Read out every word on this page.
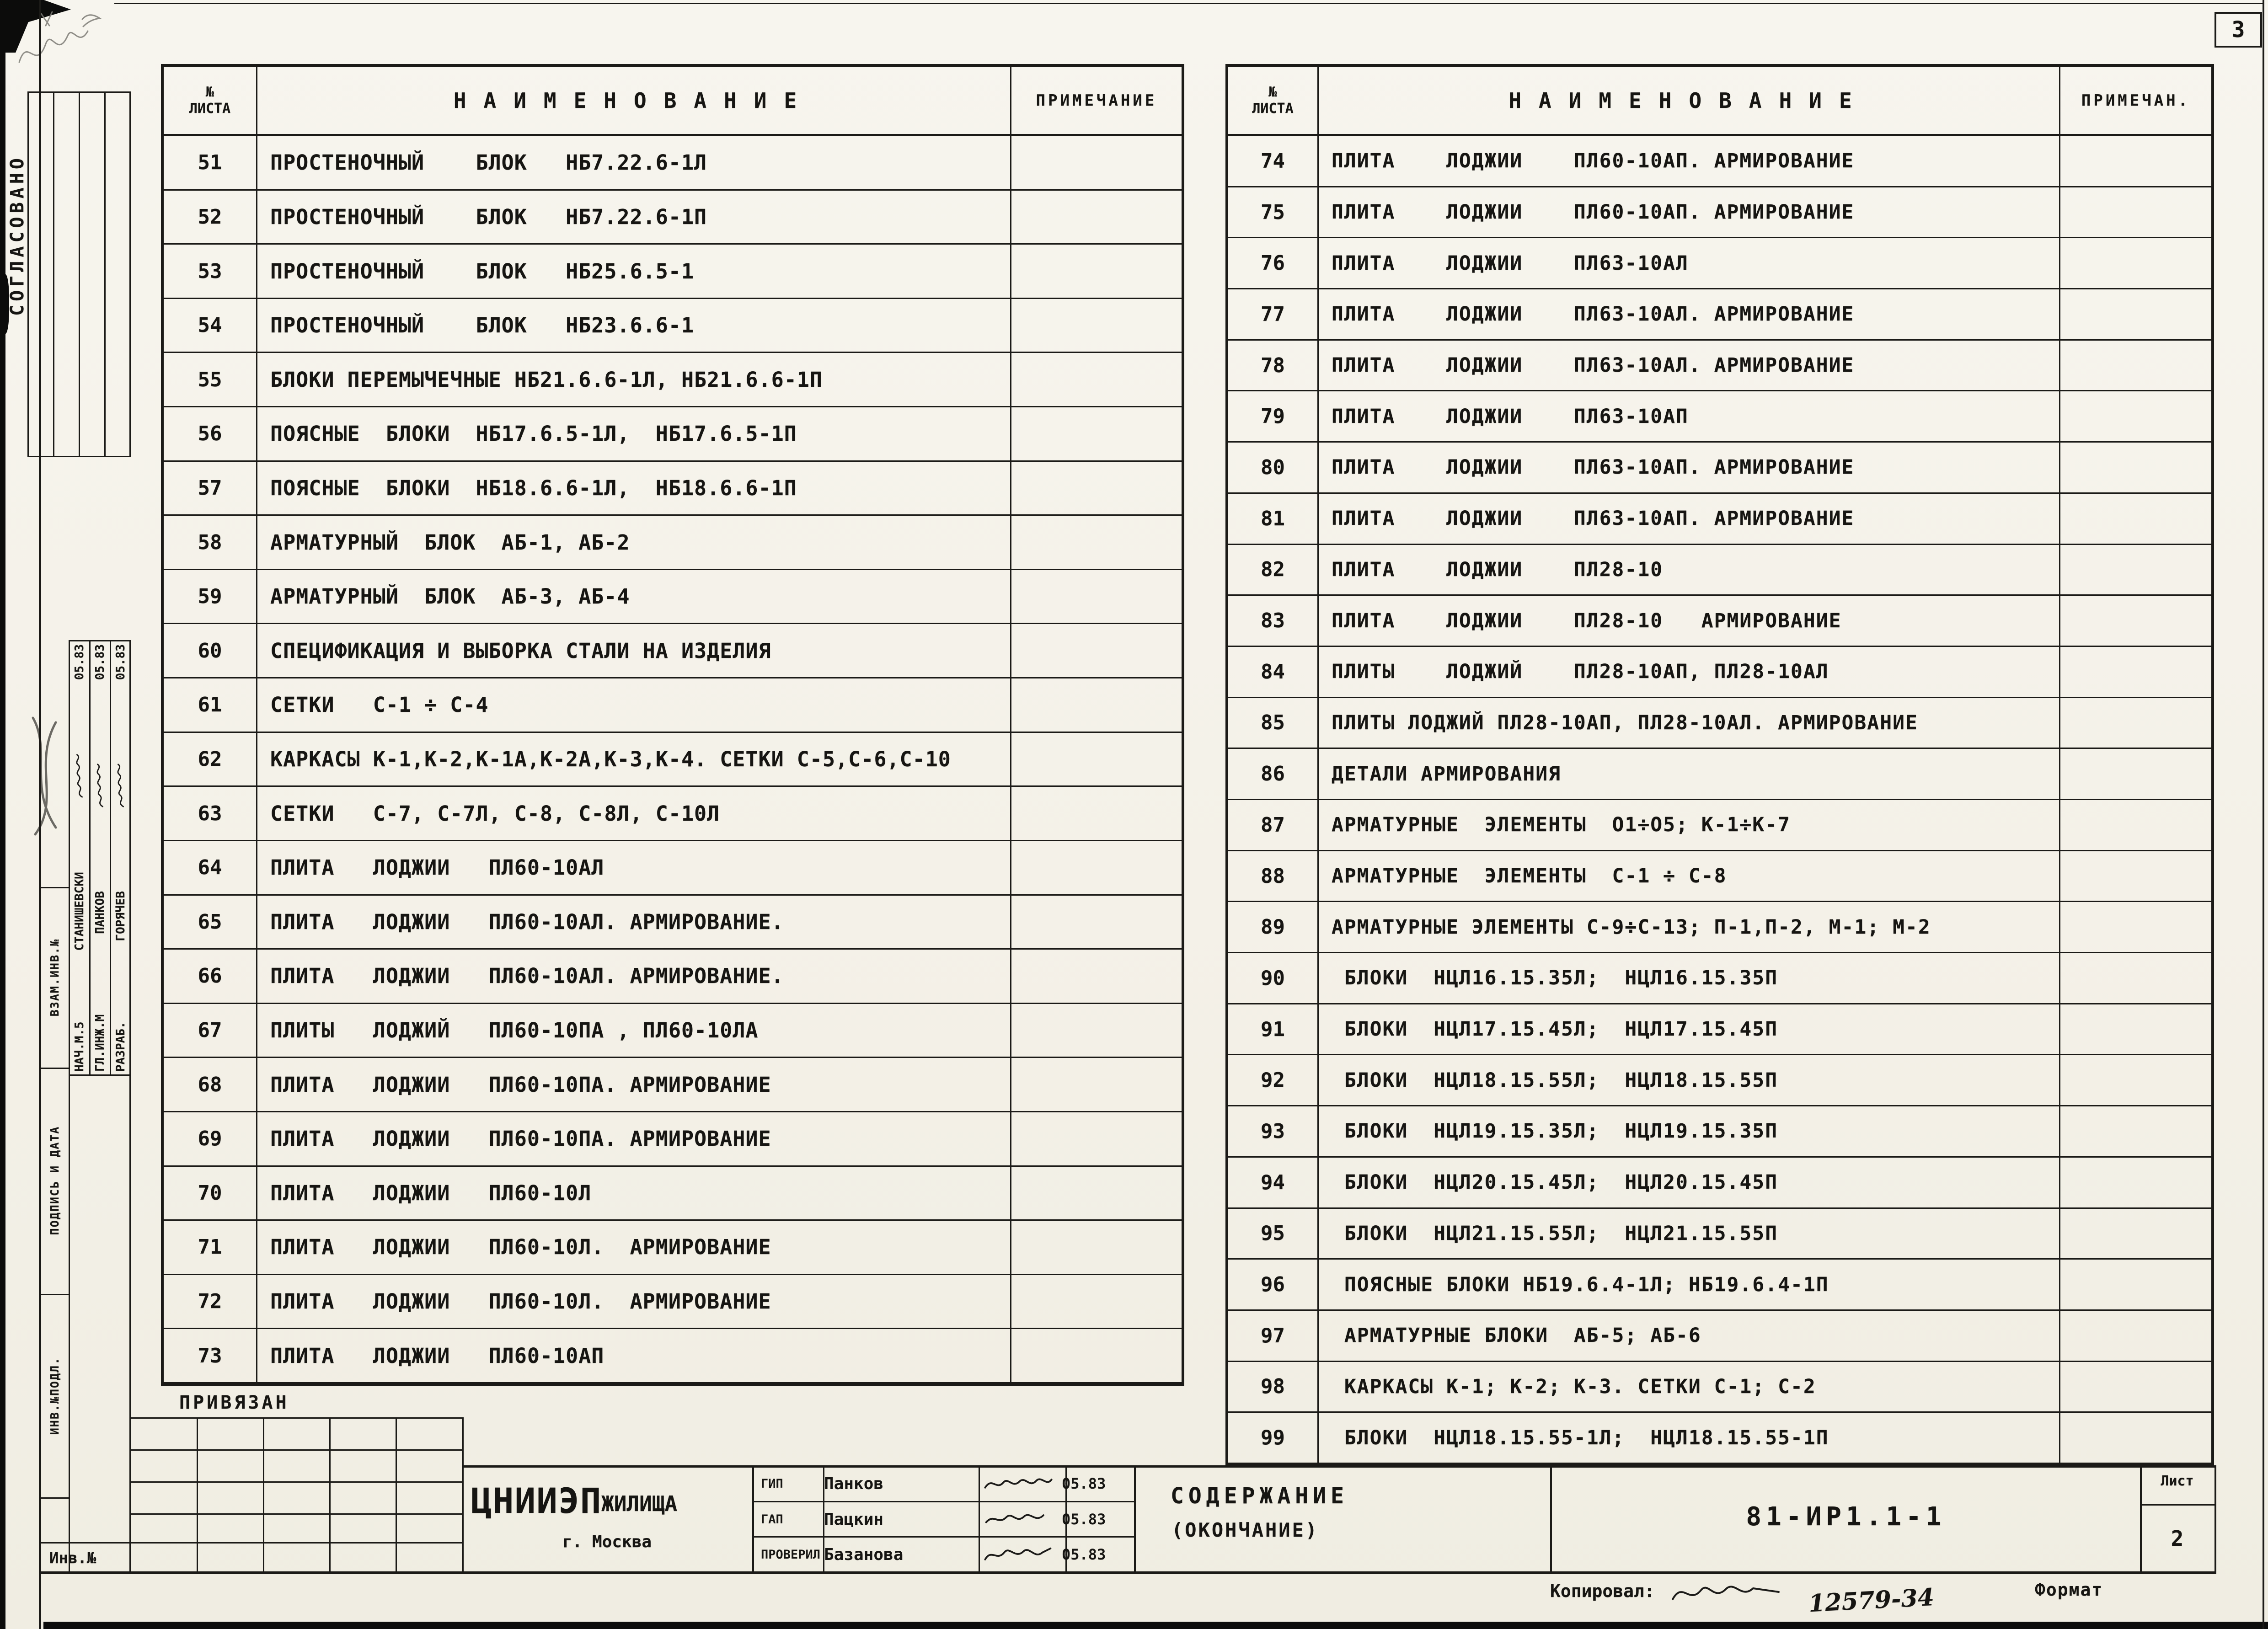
3
СОГЛАСОВАНО
НАЧ.М.5
СТАНИШЕВСКИ
05.83
ГЛ.ИНЖ.М
ПАНКОВ
05.83
РАЗРАБ.
ГОРЯЧЕВ
05.83
ВЗАМ.ИНВ.№
ПОДПИСЬ И ДАТА
ИНВ.№ПОДЛ.
Инв.№
№
ЛИСТА	НАИМЕНОВАНИЕ	ПРИМЕЧАНИЕ
51	ПРОСТЕНОЧНЫЙ    БЛОК   НБ7.22.6-1Л
52	ПРОСТЕНОЧНЫЙ    БЛОК   НБ7.22.6-1П
53	ПРОСТЕНОЧНЫЙ    БЛОК   НБ25.6.5-1
54	ПРОСТЕНОЧНЫЙ    БЛОК   НБ23.6.6-1
55	БЛОКИ ПЕРЕМЫЧЕЧНЫЕ НБ21.6.6-1Л, НБ21.6.6-1П
56	ПОЯСНЫЕ  БЛОКИ  НБ17.6.5-1Л,  НБ17.6.5-1П
57	ПОЯСНЫЕ  БЛОКИ  НБ18.6.6-1Л,  НБ18.6.6-1П
58	АРМАТУРНЫЙ  БЛОК  АБ-1, АБ-2
59	АРМАТУРНЫЙ  БЛОК  АБ-3, АБ-4
60	СПЕЦИФИКАЦИЯ И ВЫБОРКА СТАЛИ НА ИЗДЕЛИЯ
61	СЕТКИ   С-1 ÷ С-4
62	КАРКАСЫ К-1,К-2,К-1А,К-2А,К-3,К-4. СЕТКИ С-5,С-6,С-10
63	СЕТКИ   С-7, С-7Л, С-8, С-8Л, С-10Л
64	ПЛИТА   ЛОДЖИИ   ПЛ60-10АЛ
65	ПЛИТА   ЛОДЖИИ   ПЛ60-10АЛ. АРМИРОВАНИЕ.
66	ПЛИТА   ЛОДЖИИ   ПЛ60-10АЛ. АРМИРОВАНИЕ.
67	ПЛИТЫ   ЛОДЖИЙ   ПЛ60-10ПА , ПЛ60-10ЛА
68	ПЛИТА   ЛОДЖИИ   ПЛ60-10ПА. АРМИРОВАНИЕ
69	ПЛИТА   ЛОДЖИИ   ПЛ60-10ПА. АРМИРОВАНИЕ
70	ПЛИТА   ЛОДЖИИ   ПЛ60-10Л
71	ПЛИТА   ЛОДЖИИ   ПЛ60-10Л.  АРМИРОВАНИЕ
72	ПЛИТА   ЛОДЖИИ   ПЛ60-10Л.  АРМИРОВАНИЕ
73	ПЛИТА   ЛОДЖИИ   ПЛ60-10АП
№
ЛИСТА	НАИМЕНОВАНИЕ	ПРИМЕЧАН.
74	ПЛИТА    ЛОДЖИИ    ПЛ60-10АП. АРМИРОВАНИЕ
75	ПЛИТА    ЛОДЖИИ    ПЛ60-10АП. АРМИРОВАНИЕ
76	ПЛИТА    ЛОДЖИИ    ПЛ63-10АЛ
77	ПЛИТА    ЛОДЖИИ    ПЛ63-10АЛ. АРМИРОВАНИЕ
78	ПЛИТА    ЛОДЖИИ    ПЛ63-10АЛ. АРМИРОВАНИЕ
79	ПЛИТА    ЛОДЖИИ    ПЛ63-10АП
80	ПЛИТА    ЛОДЖИИ    ПЛ63-10АП. АРМИРОВАНИЕ
81	ПЛИТА    ЛОДЖИИ    ПЛ63-10АП. АРМИРОВАНИЕ
82	ПЛИТА    ЛОДЖИИ    ПЛ28-10
83	ПЛИТА    ЛОДЖИИ    ПЛ28-10   АРМИРОВАНИЕ
84	ПЛИТЫ    ЛОДЖИЙ    ПЛ28-10АП, ПЛ28-10АЛ
85	ПЛИТЫ ЛОДЖИЙ ПЛ28-10АП, ПЛ28-10АЛ. АРМИРОВАНИЕ
86	ДЕТАЛИ АРМИРОВАНИЯ
87	АРМАТУРНЫЕ  ЭЛЕМЕНТЫ  О1÷О5; К-1÷К-7
88	АРМАТУРНЫЕ  ЭЛЕМЕНТЫ  С-1 ÷ С-8
89	АРМАТУРНЫЕ ЭЛЕМЕНТЫ С-9÷С-13; П-1,П-2, М-1; М-2
90	БЛОКИ  НЦЛ16.15.35Л;  НЦЛ16.15.35П
91	БЛОКИ  НЦЛ17.15.45Л;  НЦЛ17.15.45П
92	БЛОКИ  НЦЛ18.15.55Л;  НЦЛ18.15.55П
93	БЛОКИ  НЦЛ19.15.35Л;  НЦЛ19.15.35П
94	БЛОКИ  НЦЛ20.15.45Л;  НЦЛ20.15.45П
95	БЛОКИ  НЦЛ21.15.55Л;  НЦЛ21.15.55П
96	ПОЯСНЫЕ БЛОКИ НБ19.6.4-1Л; НБ19.6.4-1П
97	АРМАТУРНЫЕ БЛОКИ  АБ-5; АБ-6
98	КАРКАСЫ К-1; К-2; К-3. СЕТКИ С-1; С-2
99	БЛОКИ  НЦЛ18.15.55-1Л;  НЦЛ18.15.55-1П
ПРИВЯЗАН
ЦНИИЭП
ЖИЛИЩА
г. Москва
ГИП	Панков	05.83
ГАП	Пацкин	05.83
ПРОВЕРИЛ Базанова	05.83
СОДЕРЖАНИЕ
(ОКОНЧАНИЕ)	81-ИР1.1-1
Лист
2
Копировал:	12579-34	Формат
